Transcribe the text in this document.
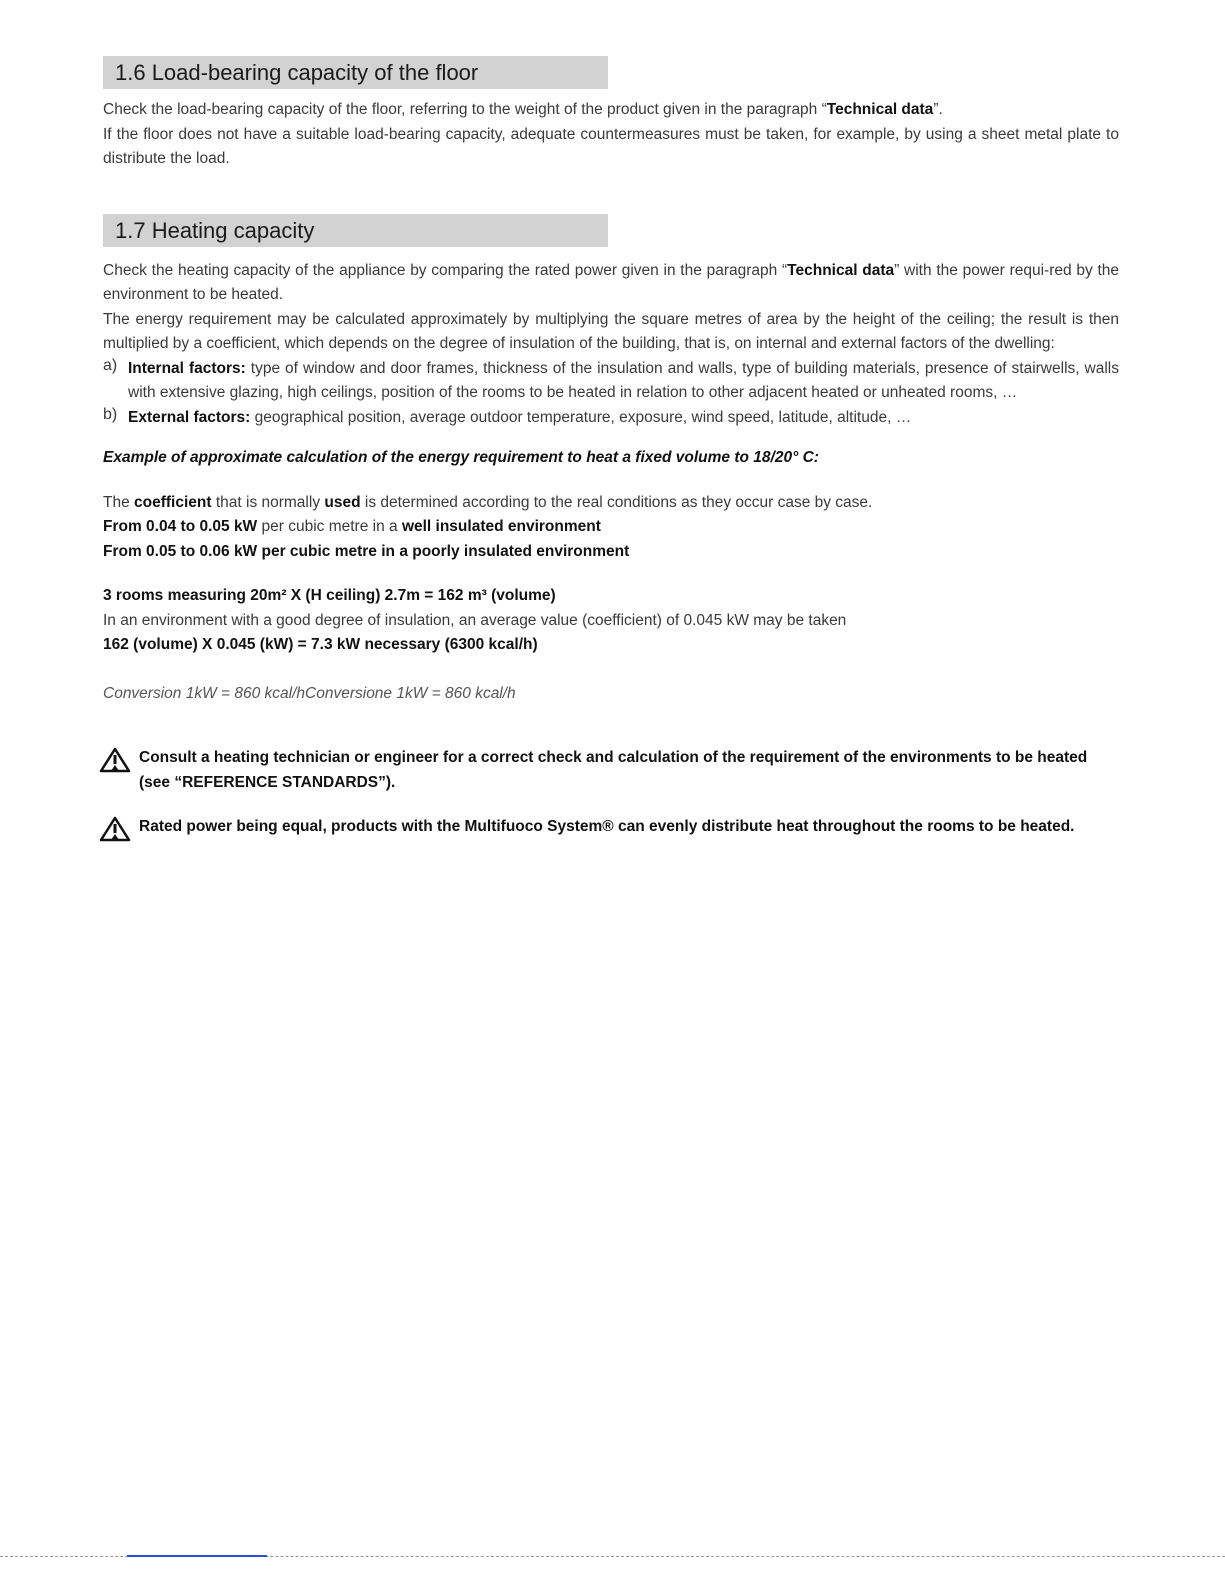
1.6 Load-bearing capacity of the floor

Check the load-bearing capacity of the floor, referring to the weight of the product given in the paragraph “Technical data”.

If the floor does not have a suitable load-bearing capacity, adequate countermeasures must be taken, for example, by using a sheet metal plate to distribute the load.

1.7 Heating capacity

Check the heating capacity of the appliance by comparing the rated power given in the paragraph “Technical data” with the power requi-red by the environment to be heated.

The energy requirement may be calculated approximately by multiplying the square metres of area by the height of the ceiling; the result is then multiplied by a coefficient, which depends on the degree of insulation of the building, that is, on internal and external factors of the dwelling:

a) Internal factors: type of window and door frames, thickness of the insulation and walls, type of building materials, presence of stairwells, walls with extensive glazing, high ceilings, position of the rooms to be heated in relation to other adjacent heated or unheated rooms, …

b) External factors: geographical position, average outdoor temperature, exposure, wind speed, latitude, altitude, …

Example of approximate calculation of the energy requirement to heat a fixed volume to 18/20° C:

The coefficient that is normally used is determined according to the real conditions as they occur case by case.

From 0.04 to 0.05 kW per cubic metre in a well insulated environment

From 0.05 to 0.06 kW per cubic metre in a poorly insulated environment

3 rooms measuring 20m² X (H ceiling) 2.7m = 162 m³ (volume)

In an environment with a good degree of insulation, an average value (coefficient) of 0.045 kW may be taken

162 (volume) X 0.045 (kW) = 7.3 kW necessary (6300 kcal/h)

Conversion 1kW = 860 kcal/hConversione 1kW = 860 kcal/h

Consult a heating technician or engineer for a correct check and calculation of the requirement of the environments to be heated (see “REFERENCE STANDARDS”).
Rated power being equal, products with the Multifuoco System® can evenly distribute heat throughout the rooms to be heated.
